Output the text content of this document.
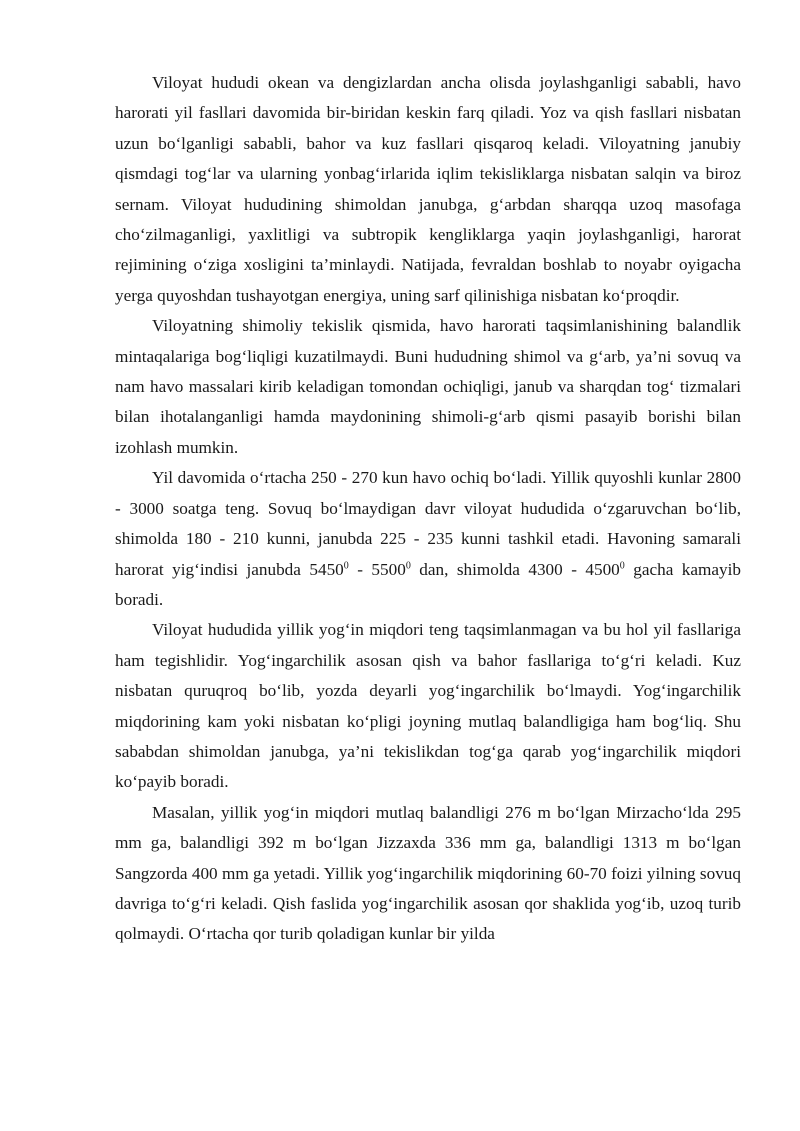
Viloyat hududi okean va dengizlardan ancha olisda joylashganligi sababli, havo harorati yil fasllari davomida bir-biridan keskin farq qiladi. Yoz va qish fasllari nisbatan uzun bo‘lganligi sababli, bahor va kuz fasllari qisqaroq keladi. Viloyatning janubiy qismdagi tog‘lar va ularning yonbag‘irlarida iqlim tekisliklarga nisbatan salqin va biroz sernam. Viloyat hududining shimoldan janubga, g‘arbdan sharqqa uzoq masofaga cho‘zilmaganligi, yaxlitligi va subtropik kengliklarga yaqin joylashganligi, harorat rejimining o‘ziga xosligini ta’minlaydi. Natijada, fevraldan boshlab to noyabr oyigacha yerga quyoshdan tushayotgan energiya, uning sarf qilinishiga nisbatan ko‘proqdir.

Viloyatning shimoliy tekislik qismida, havo harorati taqsimlanishining balandlik mintaqalariga bog‘liqligi kuzatilmaydi. Buni hududning shimol va g‘arb, ya’ni sovuq va nam havo massalari kirib keladigan tomondan ochiqligi, janub va sharqdan tog‘ tizmalari bilan ihotalanganligi hamda maydonining shimoli-g‘arb qismi pasayib borishi bilan izohlash mumkin.

Yil davomida o‘rtacha 250 - 270 kun havo ochiq bo‘ladi. Yillik quyoshli kunlar 2800 - 3000 soatga teng. Sovuq bo‘lmaydigan davr viloyat hududida o‘zgaruvchan bo‘lib, shimolda 180 - 210 kunni, janubda 225 - 235 kunni tashkil etadi. Havoning samarali harorat yig‘indisi janubda 5450$^0$ - 5500$^0$ dan, shimolda 4300 - 4500$^0$ gacha kamayib boradi.

Viloyat hududida yillik yog‘in miqdori teng taqsimlanmagan va bu hol yil fasllariga ham tegishlidir. Yog‘ingarchilik asosan qish va bahor fasllariga to‘g‘ri keladi. Kuz nisbatan quruqroq bo‘lib, yozda deyarli yog‘ingarchilik bo‘lmaydi. Yog‘ingarchilik miqdorining kam yoki nisbatan ko‘pligi joyning mutlaq balandligiga ham bog‘liq. Shu sababdan shimoldan janubga, ya’ni tekislikdan tog‘ga qarab yog‘ingarchilik miqdori ko‘payib boradi.

Masalan, yillik yog‘in miqdori mutlaq balandligi 276 m bo‘lgan Mirzacho‘lda 295 mm ga, balandligi 392 m bo‘lgan Jizzaxda 336 mm ga, balandligi 1313 m bo‘lgan Sangzorda 400 mm ga yetadi. Yillik yog‘ingarchilik miqdorining 60-70 foizi yilning sovuq davriga to‘g‘ri keladi. Qish faslida yog‘ingarchilik asosan qor shaklida yog‘ib, uzoq turib qolmaydi. O‘rtacha qor turib qoladigan kunlar bir yilda
